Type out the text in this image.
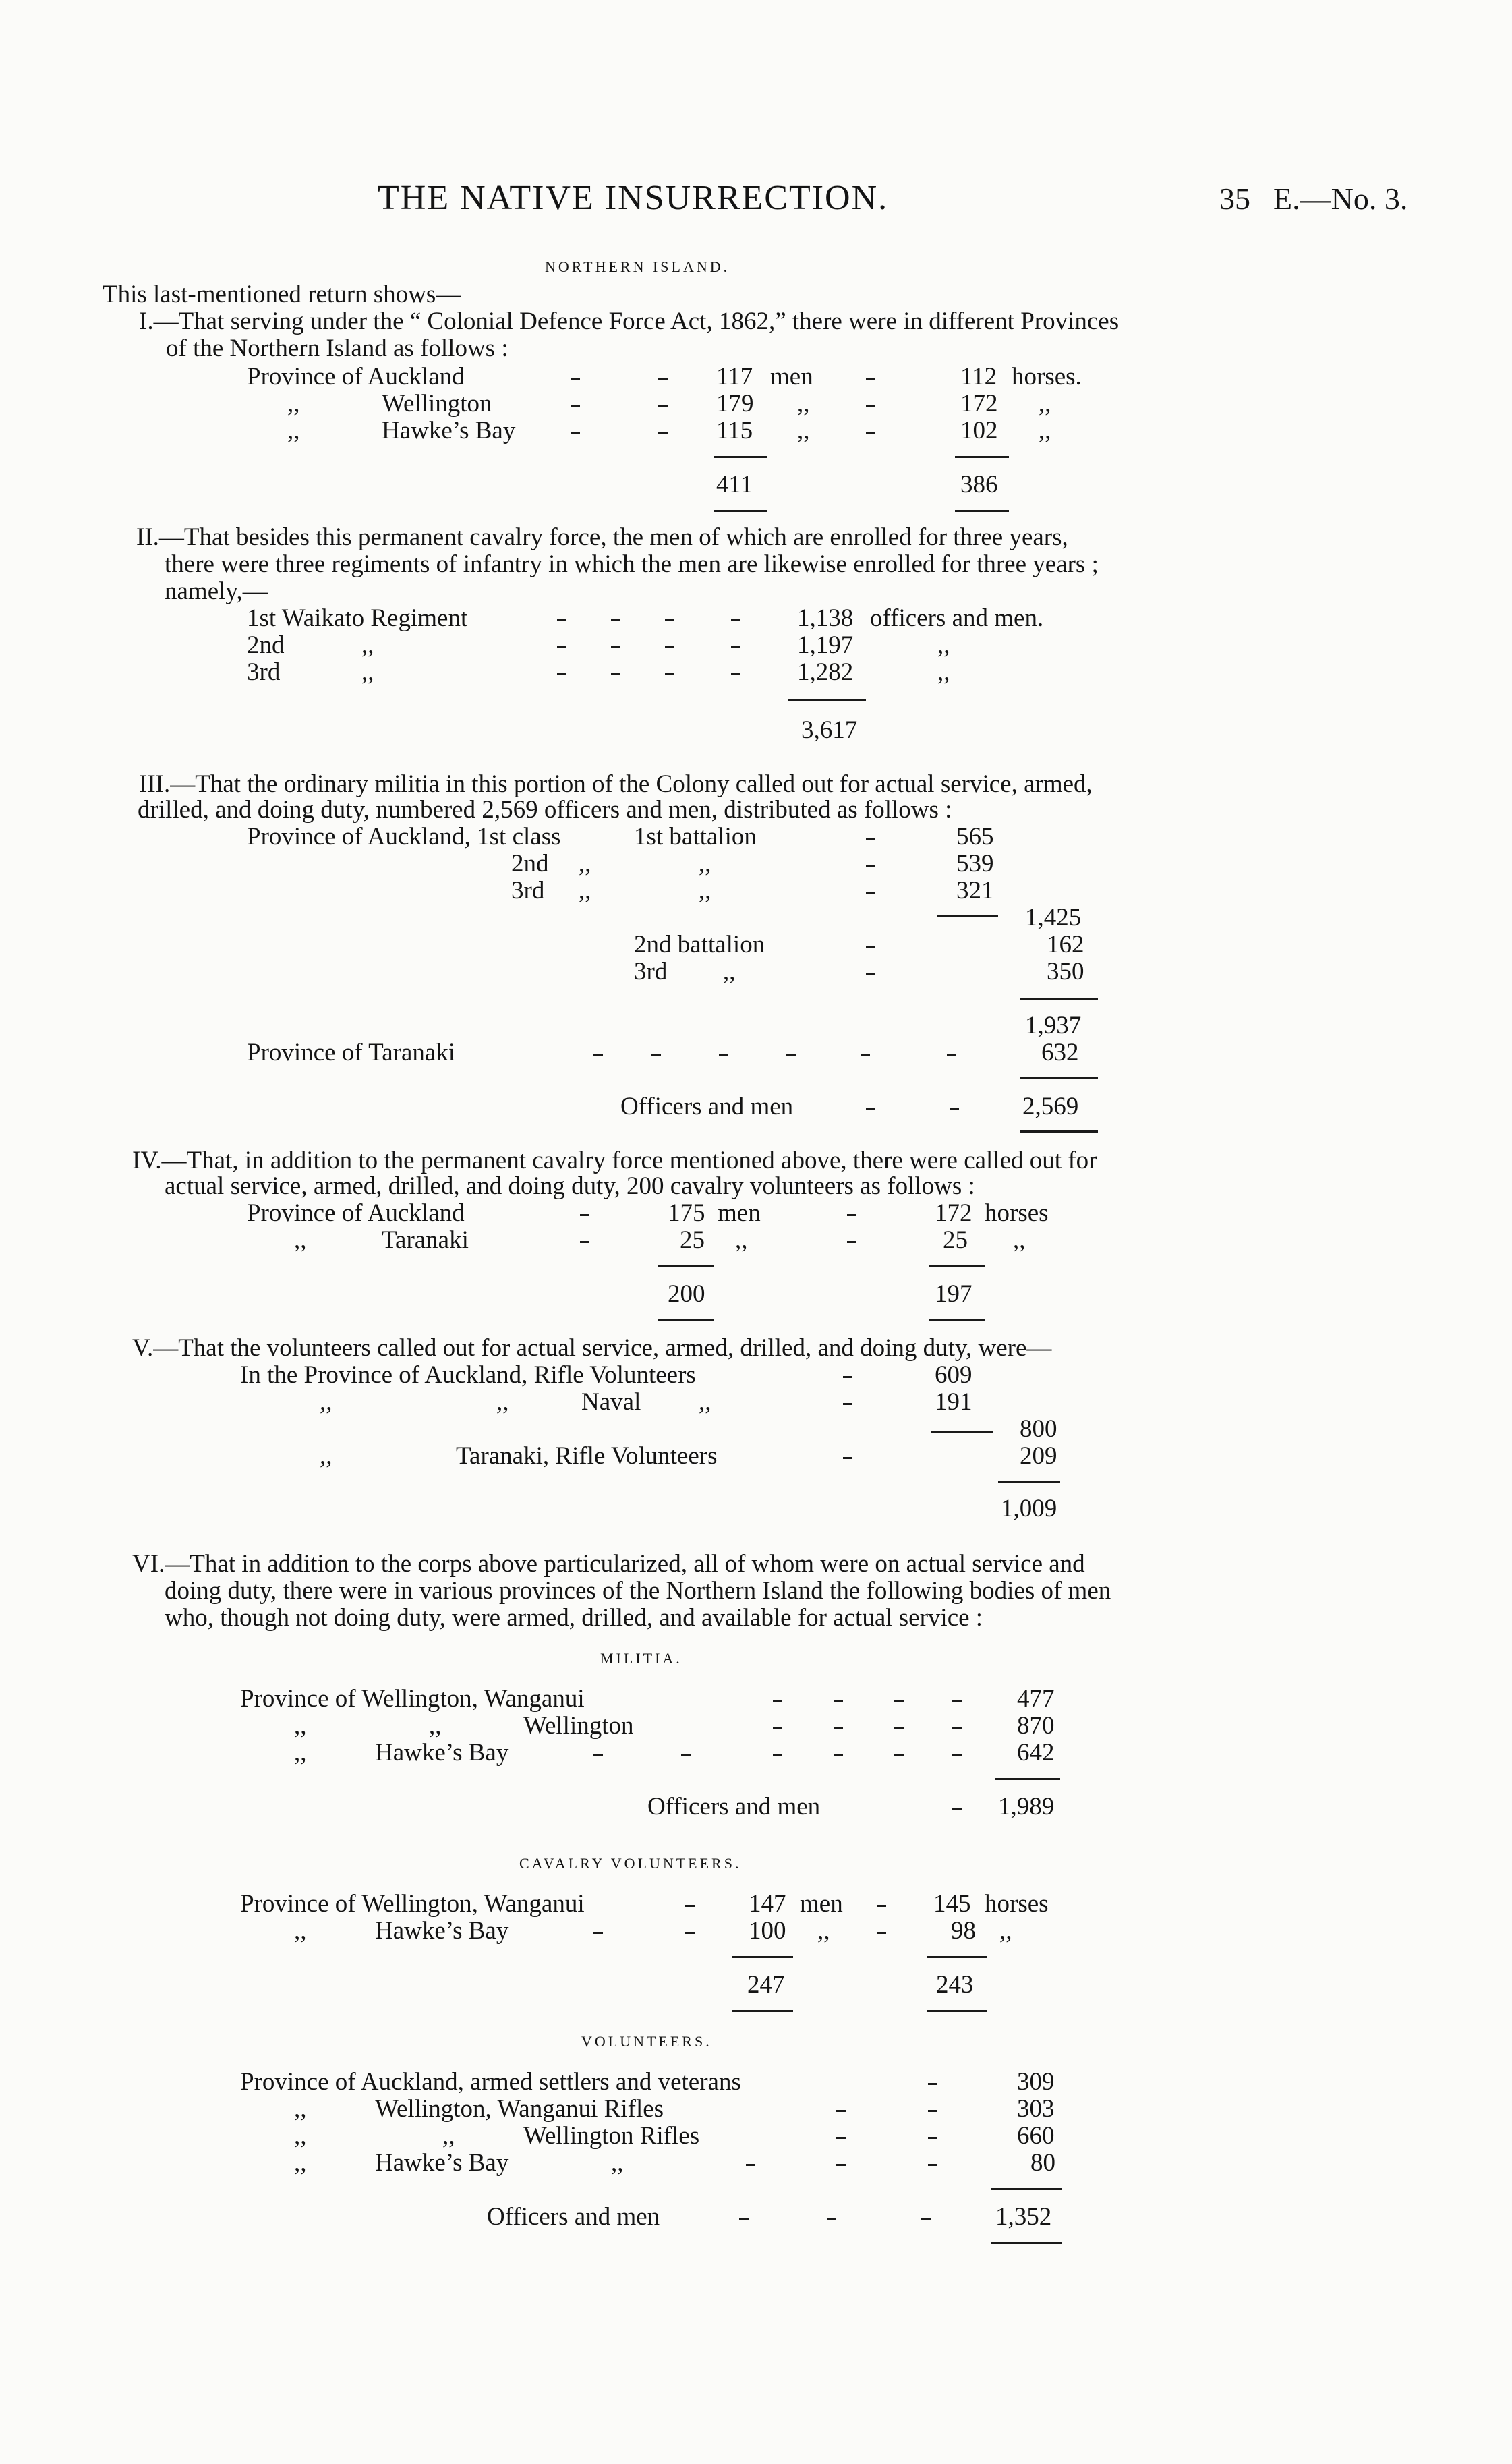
THE NATIVE INSURRECTION.	35 E.—No. 3.
NORTHERN ISLAND.
This last-mentioned return shows—
I.—That serving under the “ Colonial Defence Force Act, 1862,” there were in different Provinces
of the Northern Island as follows :
Province of Auckland	117 men	112 horses.
,,	Wellington	179 ,,	172 ,,
,,	Hawke’s Bay	115 ,,	102 ,,
411	386
II.—That besides this permanent cavalry force, the men of which are enrolled for three years,
there were three regiments of infantry in which the men are likewise enrolled for three years ;
namely,—
1st Waikato Regiment	1,138 officers and men.
2nd	,,	1,197	,,
3rd	,,	1,282	,,
3,617
III.—That the ordinary militia in this portion of the Colony called out for actual service, armed,
drilled, and doing duty, numbered 2,569 officers and men, distributed as follows :
Province of Auckland, 1st class	1st battalion	565
2nd ,,	,,	539
3rd ,,	,,	321
1,425
2nd battalion	162
3rd ,,	350
1,937
Province of Taranaki	632
Officers and men	2,569
IV.—That, in addition to the permanent cavalry force mentioned above, there were called out for
actual service, armed, drilled, and doing duty, 200 cavalry volunteers as follows :
Province of Auckland	175 men	172 horses
,,	Taranaki	25 ,,	25 ,,
200	197
V.—That the volunteers called out for actual service, armed, drilled, and doing duty, were—
In the Province of Auckland, Rifle Volunteers	609
,,	,,	Naval ,,	191
800
,,	Taranaki, Rifle Volunteers	209
1,009
VI.—That in addition to the corps above particularized, all of whom were on actual service and
doing duty, there were in various provinces of the Northern Island the following bodies of men
who, though not doing duty, were armed, drilled, and available for actual service :
MILITIA.
Province of Wellington, Wanganui	477
,,	,,	Wellington	870
,,	Hawke’s Bay	642
Officers and men	1,989
CAVALRY VOLUNTEERS.
Province of Wellington, Wanganui	147 men	145 horses
,,	Hawke’s Bay	100 ,,	98 ,,
247	243
VOLUNTEERS.
Province of Auckland, armed settlers and veterans	309
,,	Wellington, Wanganui Rifles	303
,,	,,	Wellington Rifles	660
,,	Hawke’s Bay	,,	80
Officers and men	1,352
